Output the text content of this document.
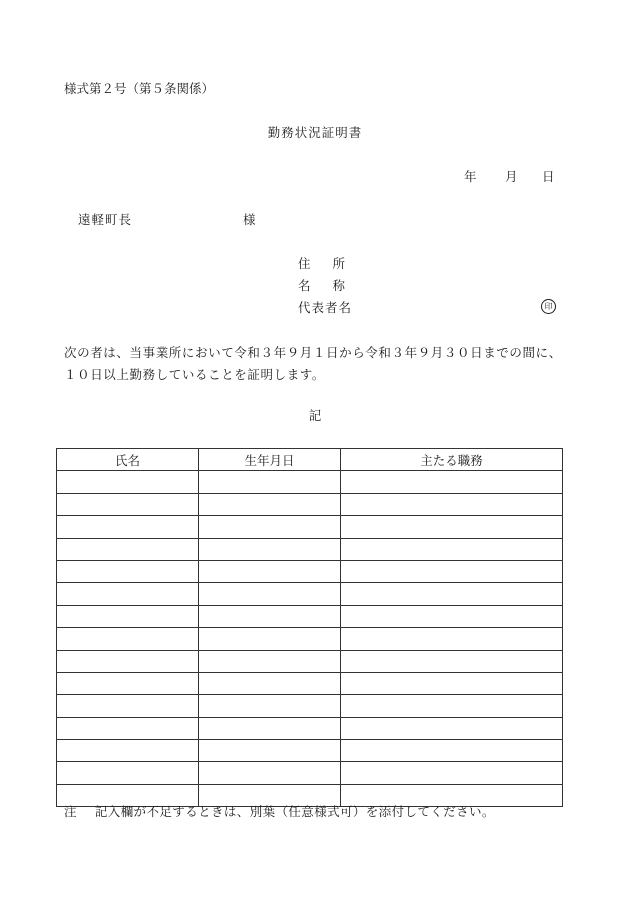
様式第２号（第５条関係）
勤務状況証明書
年 月 日
遠軽町長	様
住所
名称
代表者名	印
次の者は、当事業所において令和３年９月１日から令和３年９月３０日までの間に、
１０日以上勤務していることを証明します。
記
氏名	生年月日	主たる職務

注 記入欄が不足するときは、別葉（任意様式可）を添付してください。
